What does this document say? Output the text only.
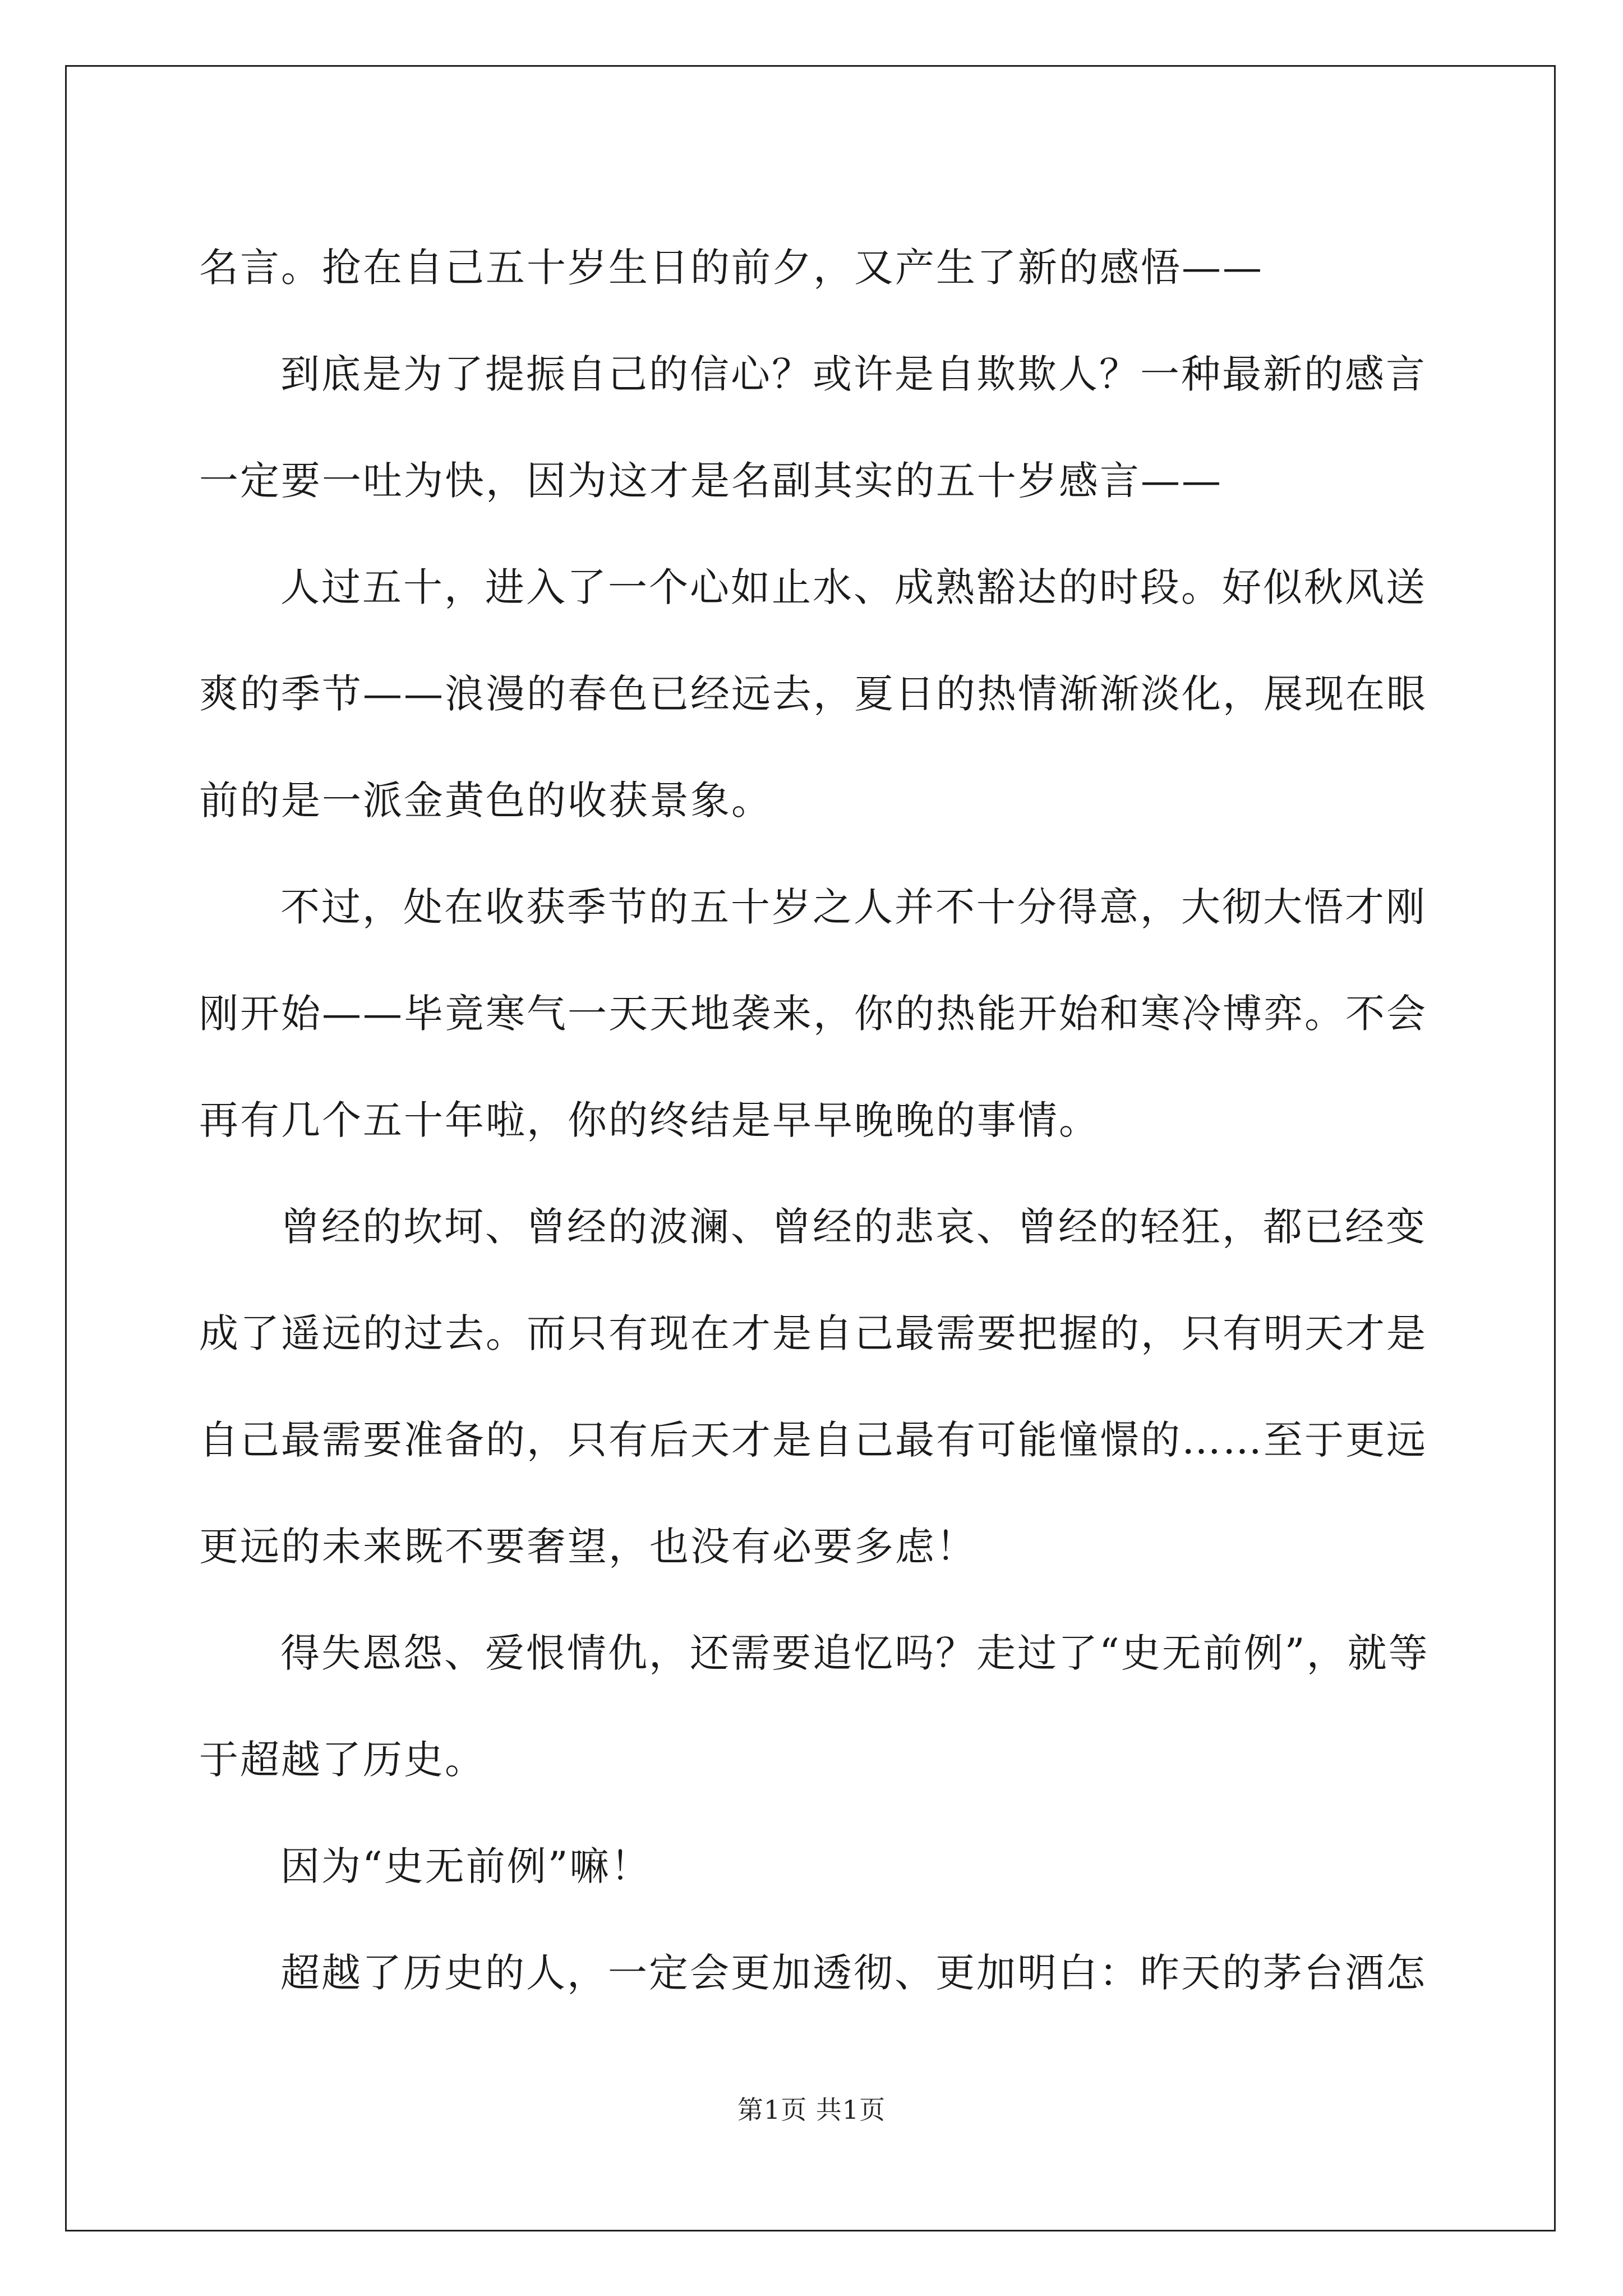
名言。抢在自己五十岁生日的前夕，又产生了新的感悟——
到底是为了提振自己的信心？或许是自欺欺人？一种最新的感言
一定要一吐为快，因为这才是名副其实的五十岁感言——
人过五十，进入了一个心如止水、成熟豁达的时段。好似秋风送
爽的季节——浪漫的春色已经远去，夏日的热情渐渐淡化，展现在眼
前的是一派金黄色的收获景象。
不过，处在收获季节的五十岁之人并不十分得意，大彻大悟才刚
刚开始——毕竟寒气一天天地袭来，你的热能开始和寒冷博弈。不会
再有几个五十年啦，你的终结是早早晚晚的事情。
曾经的坎坷、曾经的波澜、曾经的悲哀、曾经的轻狂，都已经变
成了遥远的过去。而只有现在才是自己最需要把握的，只有明天才是
自己最需要准备的，只有后天才是自己最有可能憧憬的……至于更远
更远的未来既不要奢望，也没有必要多虑！
得失恩怨、爱恨情仇，还需要追忆吗？走过了“史无前例”，就等
于超越了历史。
因为“史无前例”嘛！
超越了历史的人，一定会更加透彻、更加明白：昨天的茅台酒怎
第1页 共1页
